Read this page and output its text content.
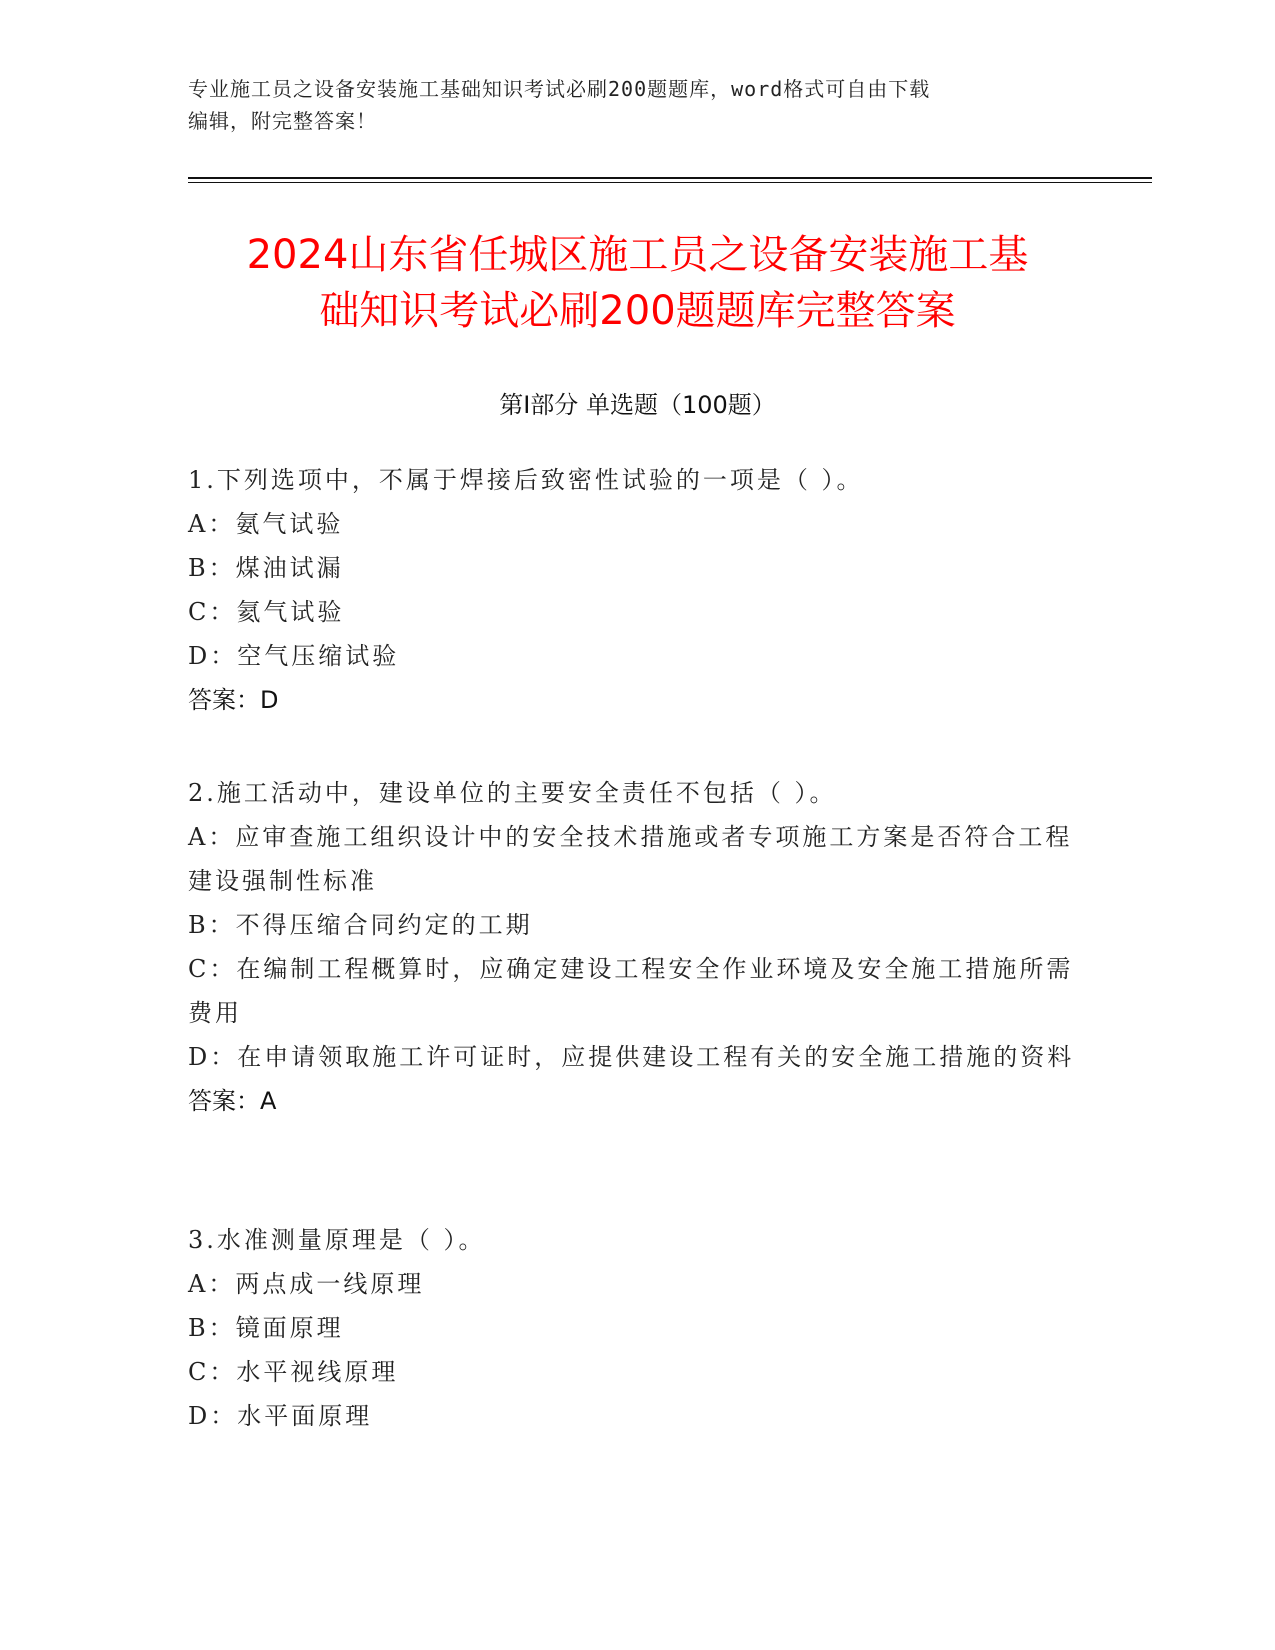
专业施工员之设备安装施工基础知识考试必刷200题题库，word格式可自由下载
编辑，附完整答案！
2024山东省任城区施工员之设备安装施工基
础知识考试必刷200题题库完整答案
第Ⅰ部分 单选题（100题）

1.下列选项中，不属于焊接后致密性试验的一项是（ ）。

A：氨气试验

B：煤油试漏

C：氦气试验

D：空气压缩试验

答案：D

2.施工活动中，建设单位的主要安全责任不包括（ ）。

A：应审查施工组织设计中的安全技术措施或者专项施工方案是否符合工程建设强制性标准

B：不得压缩合同约定的工期

C：在编制工程概算时，应确定建设工程安全作业环境及安全施工措施所需费用

D：在申请领取施工许可证时，应提供建设工程有关的安全施工措施的资料

答案：A

3.水准测量原理是（ ）。

A：两点成一线原理

B：镜面原理

C：水平视线原理

D：水平面原理
